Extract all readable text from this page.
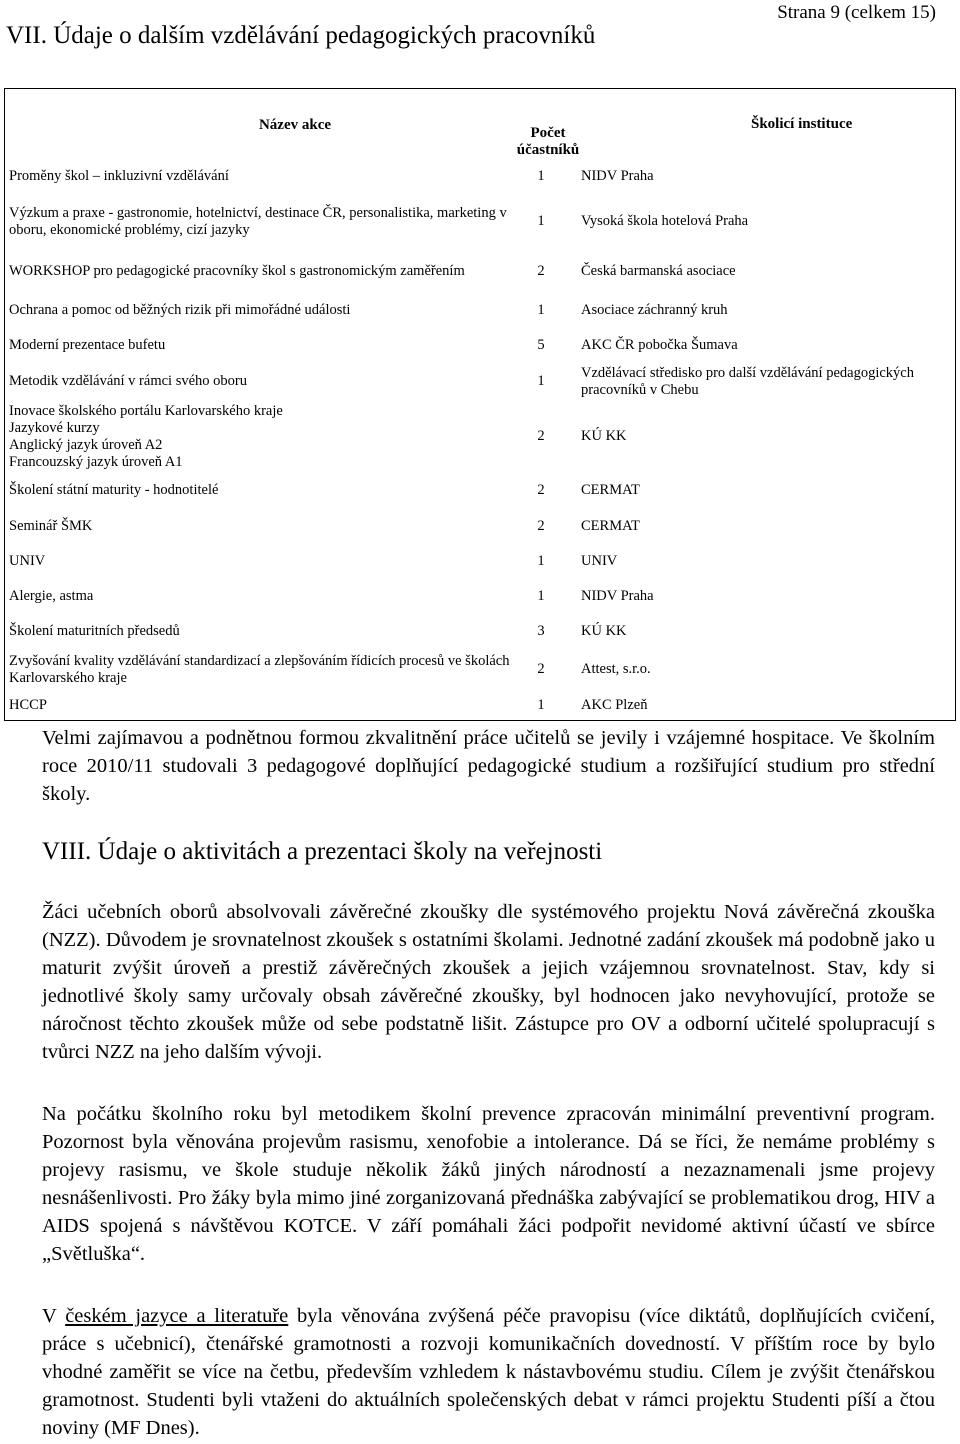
VII. Údaje o dalším vzdělávání pedagogických pracovníků
Strana 9 (celkem 15)
Název akce	Počet účastníků	Školicí instituce
Proměny škol – inkluzivní vzdělávání	1	NIDV Praha
Výzkum a praxe - gastronomie, hotelnictví, destinace ČR, personalistika, marketing v oboru, ekonomické problémy, cizí jazyky	1	Vysoká škola hotelová Praha
WORKSHOP pro pedagogické pracovníky škol s gastronomickým zaměřením	2	Česká barmanská asociace
Ochrana a pomoc od běžných rizik při mimořádné události	1	Asociace záchranný kruh
Moderní prezentace bufetu	5	AKC ČR pobočka Šumava
Metodik vzdělávání v rámci svého oboru	1	Vzdělávací středisko pro další vzdělávání pedagogických pracovníků v Chebu

Inovace školského portálu Karlovarského kraje
Jazykové kurzy
Anglický jazyk úroveň A2
Francouzský jazyk úroveň A1	2	KÚ KK
Školení státní maturity - hodnotitelé	2	CERMAT
Seminář ŠMK	2	CERMAT
UNIV	1	UNIV
Alergie, astma	1	NIDV Praha
Školení maturitních předsedů	3	KÚ KK
Zvyšování kvality vzdělávání standardizací a zlepšováním řídicích procesů ve školách Karlovarského kraje	2	Attest, s.r.o.
HCCP	1	AKC Plzeň

Velmi zajímavou a podnětnou formou zkvalitnění práce učitelů se jevily i vzájemné hospitace. Ve školním roce 2010/11 studovali 3 pedagogové doplňující pedagogické studium a rozšiřující studium pro střední školy.

VIII. Údaje o aktivitách a prezentaci školy na veřejnosti

Žáci učebních oborů absolvovali závěrečné zkoušky dle systémového projektu Nová závěrečná zkouška (NZZ). Důvodem je srovnatelnost zkoušek s ostatními školami. Jednotné zadání zkoušek má podobně jako u maturit zvýšit úroveň a prestiž závěrečných zkoušek a jejich vzájemnou srovnatelnost. Stav, kdy si jednotlivé školy samy určovaly obsah závěrečné zkoušky, byl hodnocen jako nevyhovující, protože se náročnost těchto zkoušek může od sebe podstatně lišit. Zástupce pro OV a odborní učitelé spolupracují s tvůrci NZZ na jeho dalším vývoji.

Na počátku školního roku byl metodikem školní prevence zpracován minimální preventivní program. Pozornost byla věnována projevům rasismu, xenofobie a intolerance. Dá se říci, že nemáme problémy s projevy rasismu, ve škole studuje několik žáků jiných národností a nezaznamenali jsme projevy nesnášenlivosti. Pro žáky byla mimo jiné zorganizovaná přednáška zabývající se problematikou drog, HIV a AIDS spojená s návštěvou KOTCE. V září pomáhali žáci podpořit nevidomé aktivní účastí ve sbírce „Světluška“.

V českém jazyce a literatuře byla věnována zvýšená péče pravopisu (více diktátů, doplňujících cvičení, práce s učebnicí), čtenářské gramotnosti a rozvoji komunikačních dovedností. V příštím roce by bylo vhodné zaměřit se více na četbu, především vzhledem k nástavbovému studiu. Cílem je zvýšit čtenářskou gramotnost. Studenti byli vtaženi do aktuálních společenských debat v rámci projektu Studenti píší a čtou noviny (MF Dnes).
